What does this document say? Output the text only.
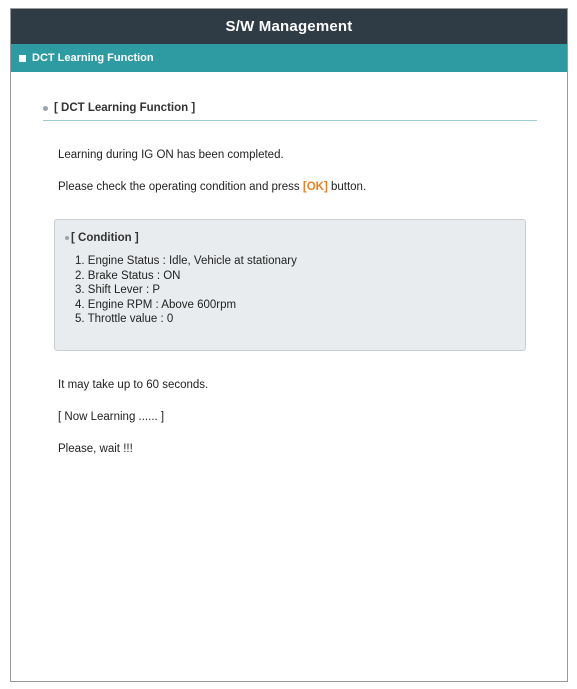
S/W Management
DCT Learning Function
[ DCT Learning Function ]
Learning during IG ON has been completed.
Please check the operating condition and press [OK] button.
[ Condition ]
1. Engine Status : Idle, Vehicle at stationary
2. Brake Status : ON
3. Shift Lever : P
4. Engine RPM : Above 600rpm
5. Throttle value : 0
It may take up to 60 seconds.
[ Now Learning ...... ]
Please, wait !!!
